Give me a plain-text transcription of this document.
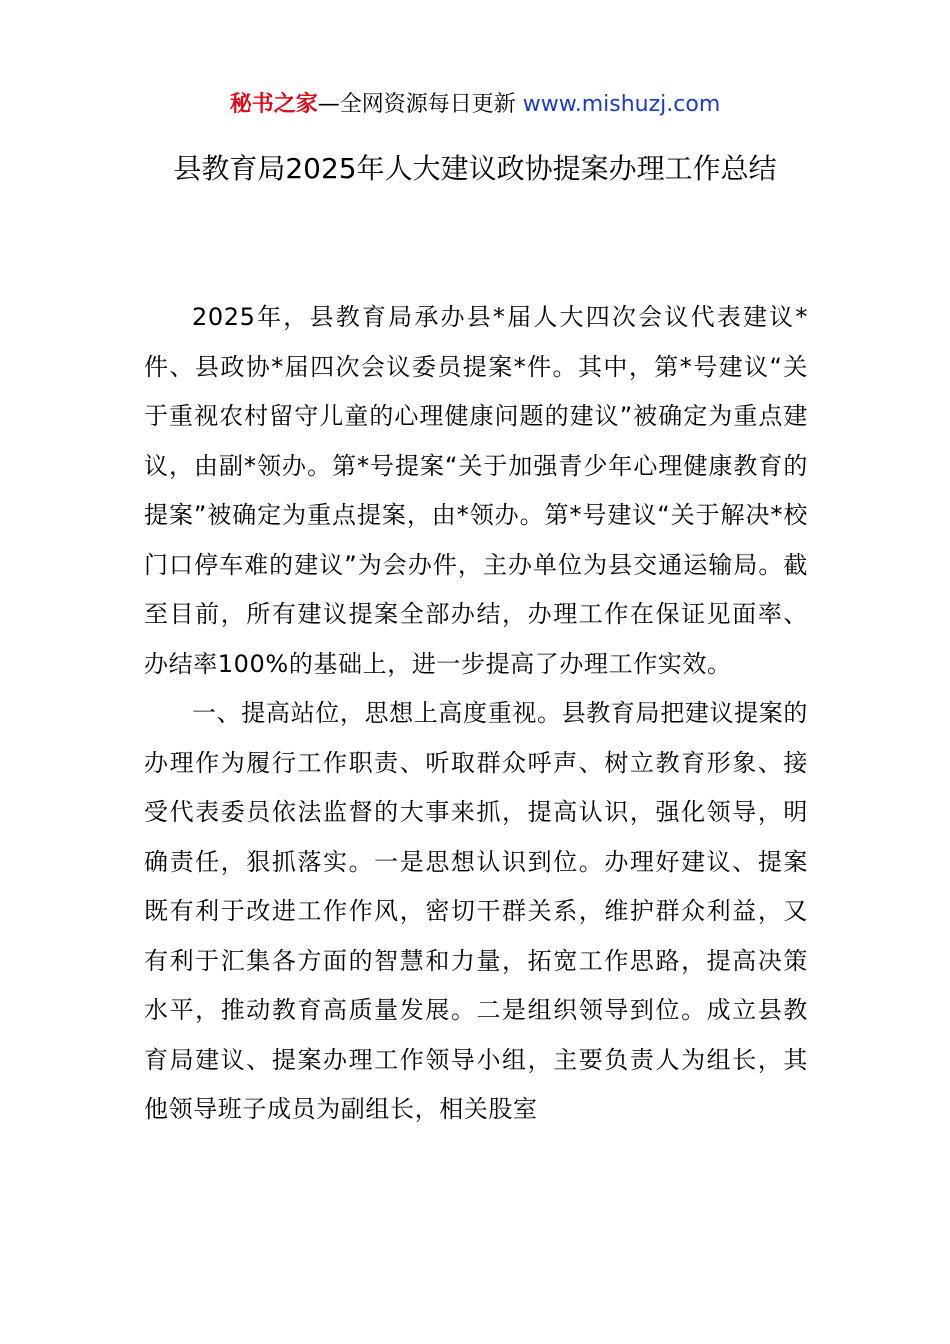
秘书之家—全网资源每日更新 www.mishuzj.com
县教育局2025年人大建议政协提案办理工作总结

2025年，县教育局承办县*届人大四次会议代表建议*件、县政协*届四次会议委员提案*件。其中，第*号建议“关于重视农村留守儿童的心理健康问题的建议”被确定为重点建议，由副*领办。第*号提案“关于加强青少年心理健康教育的提案”被确定为重点提案，由*领办。第*号建议“关于解决*校门口停车难的建议”为会办件，主办单位为县交通运输局。截至目前，所有建议提案全部办结，办理工作在保证见面率、办结率100%的基础上，进一步提高了办理工作实效。

一、提高站位，思想上高度重视。县教育局把建议提案的办理作为履行工作职责、听取群众呼声、树立教育形象、接受代表委员依法监督的大事来抓，提高认识，强化领导，明确责任，狠抓落实。一是思想认识到位。办理好建议、提案既有利于改进工作作风，密切干群关系，维护群众利益，又有利于汇集各方面的智慧和力量，拓宽工作思路，提高决策水平，推动教育高质量发展。二是组织领导到位。成立县教育局建议、提案办理工作领导小组，主要负责人为组长，其他领导班子成员为副组长，相关股室
